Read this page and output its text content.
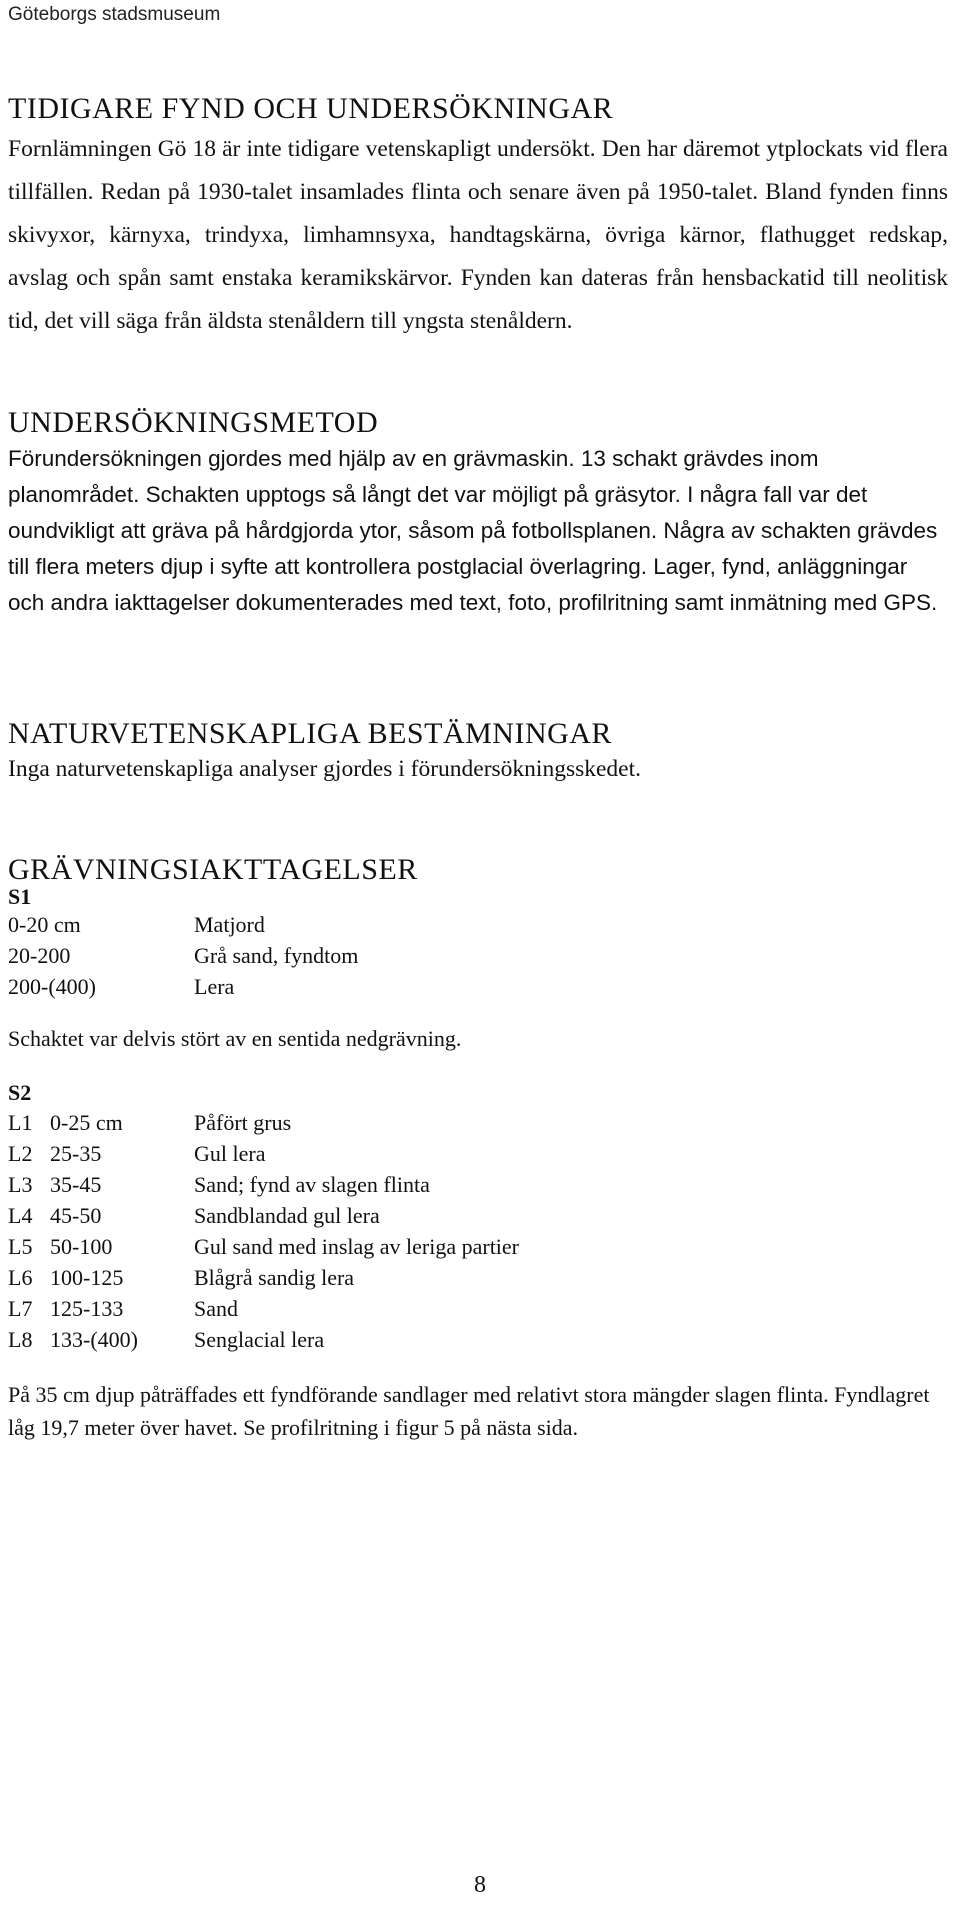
Göteborgs stadsmuseum
TIDIGARE FYND OCH UNDERSÖKNINGAR

Fornlämningen Gö 18 är inte tidigare vetenskapligt undersökt. Den har däremot ytplockats vid flera tillfällen. Redan på 1930-talet insamlades flinta och senare även på 1950-talet. Bland fynden finns skivyxor, kärnyxa, trindyxa, limhamnsyxa, handtagskärna, övriga kärnor, flathugget redskap, avslag och spån samt enstaka keramikskärvor. Fynden kan dateras från hensbackatid till neolitisk tid, det vill säga från äldsta stenåldern till yngsta stenåldern.

UNDERSÖKNINGSMETOD

Förundersökningen gjordes med hjälp av en grävmaskin. 13 schakt grävdes inom planområdet. Schakten upptogs så långt det var möjligt på gräsytor. I några fall var det oundvikligt att gräva på hårdgjorda ytor, såsom på fotbollsplanen. Några av schakten grävdes till flera meters djup i syfte att kontrollera postglacial överlagring. Lager, fynd, anläggningar och andra iakttagelser dokumenterades med text, foto, profilritning samt inmätning med GPS.

NATURVETENSKAPLIGA BESTÄMNINGAR

Inga naturvetenskapliga analyser gjordes i förundersökningsskedet.

GRÄVNINGSIAKTTAGELSER
S1
0-20 cm	Matjord
20-200	Grå sand, fyndtom
200-(400)	Lera
Schaktet var delvis stört av en sentida nedgrävning.
S2
L1 0-25 cm	Påfört grus
L2 25-35	Gul lera
L3 35-45	Sand; fynd av slagen flinta
L4 45-50	Sandblandad gul lera
L5 50-100	Gul sand med inslag av leriga partier
L6 100-125	Blågrå sandig lera
L7 125-133	Sand
L8 133-(400)	Senglacial lera
På 35 cm djup påträffades ett fyndförande sandlager med relativt stora mängder slagen flinta. Fyndlagret låg 19,7 meter över havet. Se profilritning i figur 5 på nästa sida.
8
